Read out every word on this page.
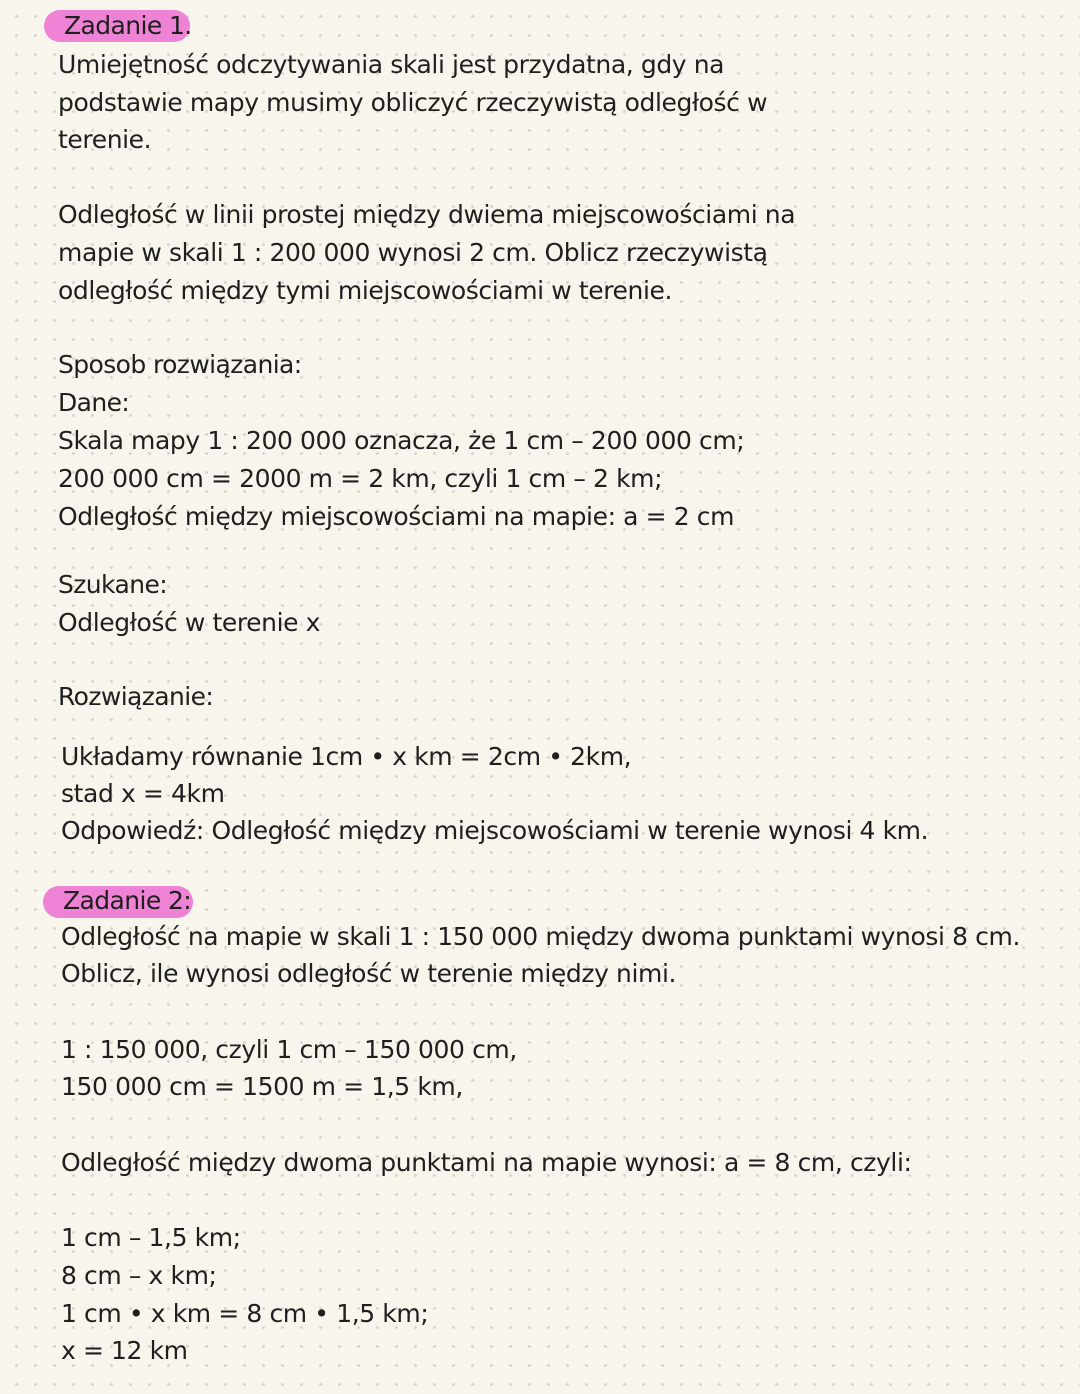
Zadanie 1.
Umiejętność odczytywania skali jest przydatna, gdy na
podstawie mapy musimy obliczyć rzeczywistą odległość w
terenie.
Odległość w linii prostej między dwiema miejscowościami na
mapie w skali 1 : 200 000 wynosi 2 cm. Oblicz rzeczywistą
odległość między tymi miejscowościami w terenie.
Sposob rozwiązania:
Dane:
Skala mapy 1 : 200 000 oznacza, że 1 cm – 200 000 cm;
200 000 cm = 2000 m = 2 km, czyli 1 cm – 2 km;
Odległość między miejscowościami na mapie: a = 2 cm
Szukane:
Odległość w terenie x
Rozwiązanie:
Układamy równanie 1cm • x km = 2cm • 2km,
stad x = 4km
Odpowiedź: Odległość między miejscowościami w terenie wynosi 4 km.
Zadanie 2:
Odległość na mapie w skali 1 : 150 000 między dwoma punktami wynosi 8 cm.
Oblicz, ile wynosi odległość w terenie między nimi.
1 : 150 000, czyli 1 cm – 150 000 cm,
150 000 cm = 1500 m = 1,5 km,
Odległość między dwoma punktami na mapie wynosi: a = 8 cm, czyli:
1 cm – 1,5 km;
8 cm – x km;
1 cm • x km = 8 cm • 1,5 km;
x = 12 km
